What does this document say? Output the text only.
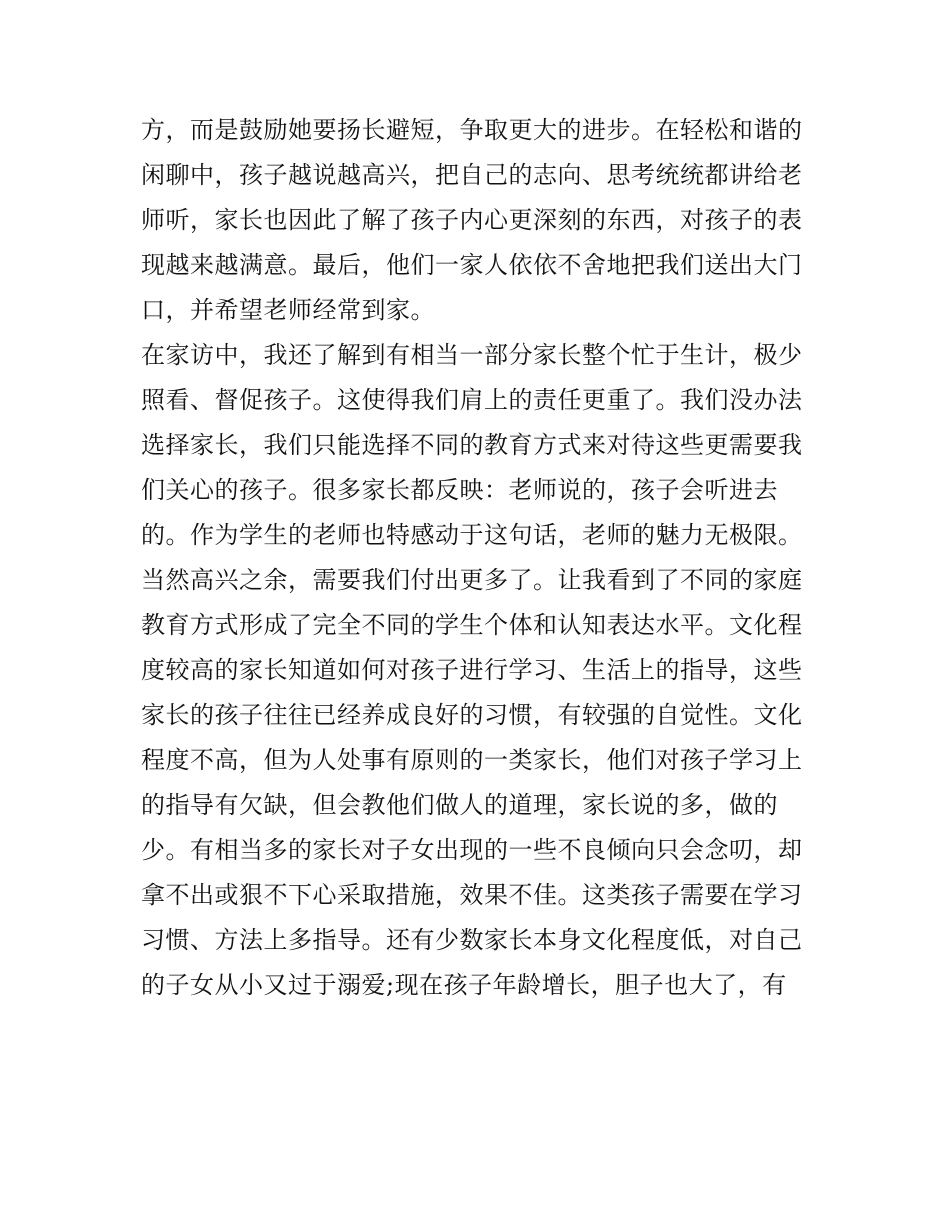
方，而是鼓励她要扬长避短，争取更大的进步。在轻松和谐的
闲聊中，孩子越说越高兴，把自己的志向、思考统统都讲给老
师听，家长也因此了解了孩子内心更深刻的东西，对孩子的表
现越来越满意。最后，他们一家人依依不舍地把我们送出大门
口，并希望老师经常到家。
在家访中，我还了解到有相当一部分家长整个忙于生计，极少
照看、督促孩子。这使得我们肩上的责任更重了。我们没办法
选择家长，我们只能选择不同的教育方式来对待这些更需要我
们关心的孩子。很多家长都反映：老师说的，孩子会听进去
的。作为学生的老师也特感动于这句话，老师的魅力无极限。
当然高兴之余，需要我们付出更多了。让我看到了不同的家庭
教育方式形成了完全不同的学生个体和认知表达水平。文化程
度较高的家长知道如何对孩子进行学习、生活上的指导，这些
家长的孩子往往已经养成良好的习惯，有较强的自觉性。文化
程度不高，但为人处事有原则的一类家长，他们对孩子学习上
的指导有欠缺，但会教他们做人的道理，家长说的多，做的
少。有相当多的家长对子女出现的一些不良倾向只会念叨，却
拿不出或狠不下心采取措施，效果不佳。这类孩子需要在学习
习惯、方法上多指导。还有少数家长本身文化程度低，对自己
的子女从小又过于溺爱;现在孩子年龄增长，胆子也大了，有
